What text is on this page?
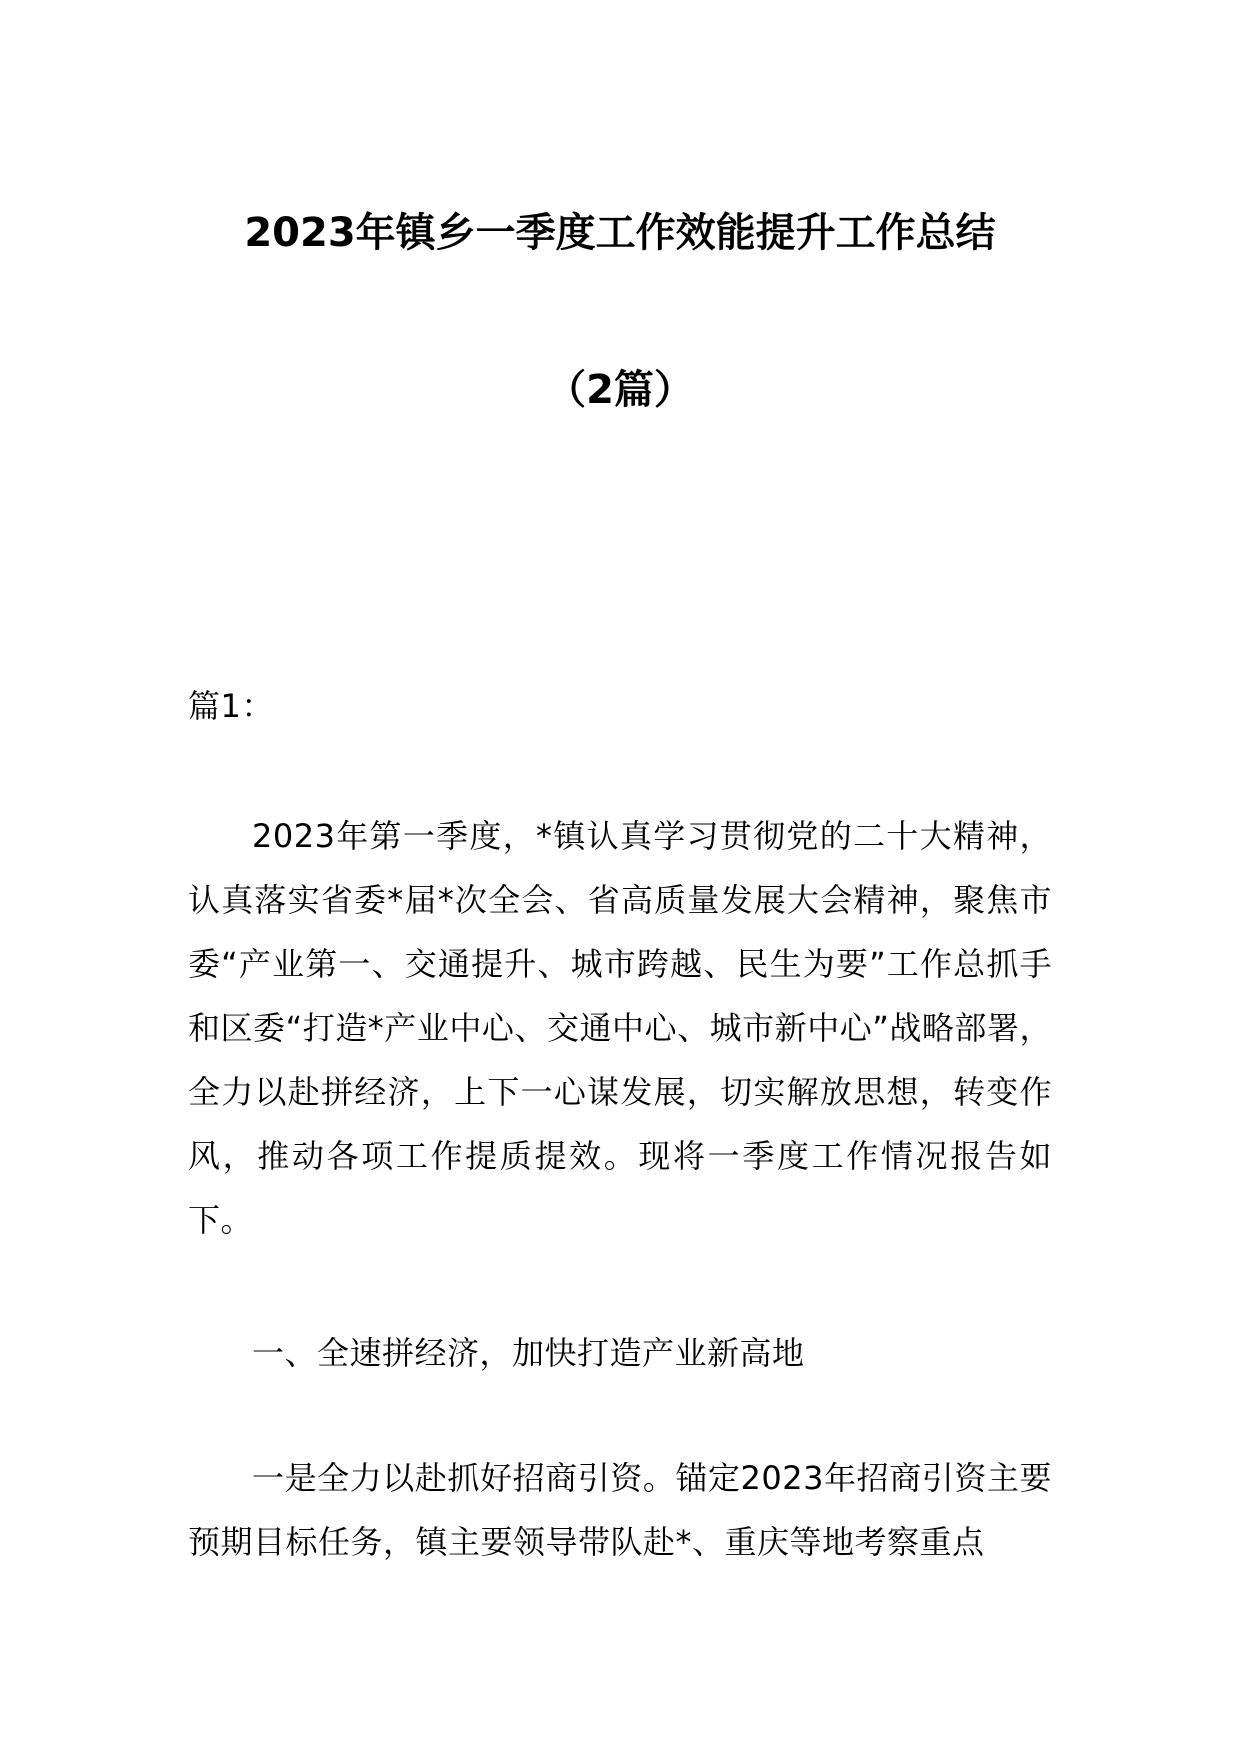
2023年镇乡一季度工作效能提升工作总结
（2篇）
篇1：
2023年第一季度，*镇认真学习贯彻党的二十大精神，认真落实省委*届*次全会、省高质量发展大会精神，聚焦市委“产业第一、交通提升、城市跨越、民生为要”工作总抓手和区委“打造*产业中心、交通中心、城市新中心”战略部署，全力以赴拼经济，上下一心谋发展，切实解放思想，转变作风，推动各项工作提质提效。现将一季度工作情况报告如下。
一、全速拼经济，加快打造产业新高地
一是全力以赴抓好招商引资。锚定2023年招商引资主要预期目标任务，镇主要领导带队赴*、重庆等地考察重点
